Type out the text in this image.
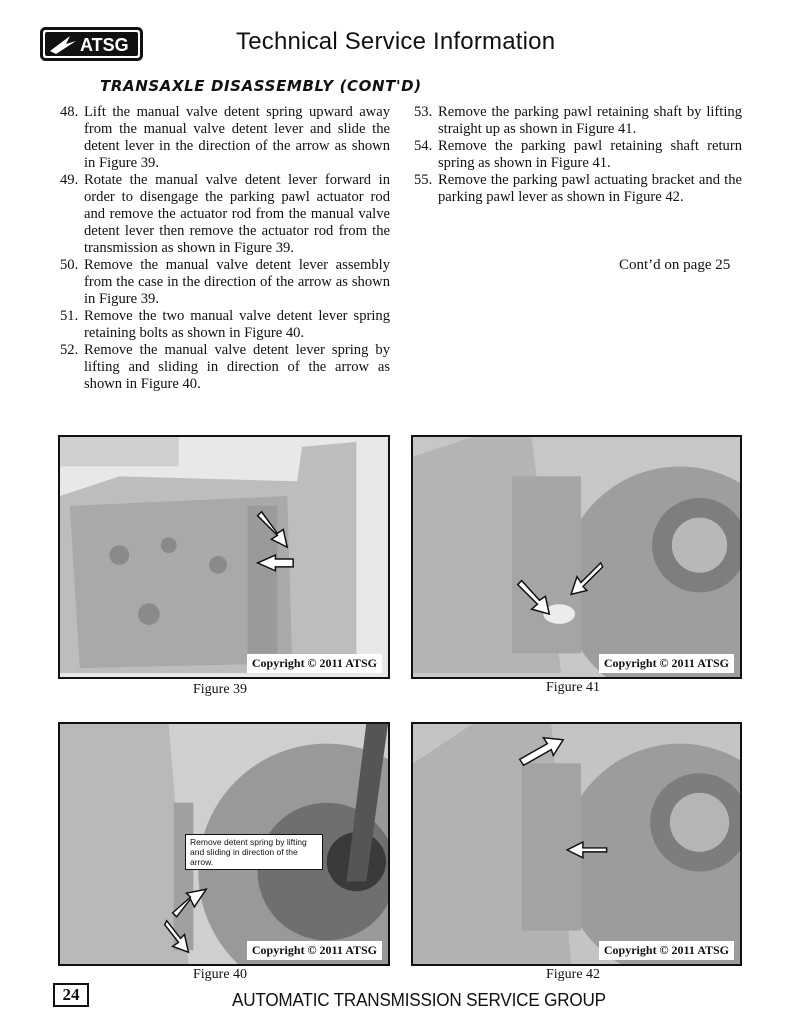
ATSG	Technical Service Information
TRANSAXLE DISASSEMBLY (CONT'D)
48. Lift the manual valve detent spring upward away from the manual valve detent lever and slide the detent lever in the direction of the arrow as shown in Figure 39.
49. Rotate the manual valve detent lever forward in order to disengage the parking pawl actuator rod and remove the actuator rod from the manual valve detent lever then remove the actuator rod from the transmission as shown in Figure 39.
50. Remove the manual valve detent lever assembly from the case in the direction of the arrow as shown in Figure 39.
51. Remove the two manual valve detent lever spring retaining bolts as shown in Figure 40.
52. Remove the manual valve detent lever spring by lifting and sliding in direction of the arrow as shown in Figure 40.
53. Remove the parking pawl retaining shaft by lifting straight up as shown in Figure 41.
54. Remove the parking pawl retaining shaft return spring as shown in Figure 41.
55. Remove the parking pawl actuating bracket and the parking pawl lever as shown in Figure 42.
Cont’d on page 25
Copyright © 2011 ATSG
Figure 39
Copyright © 2011 ATSG
Figure 41
Remove detent spring by lifting and sliding in direction of the arrow.
Copyright © 2011 ATSG
Figure 40
Copyright © 2011 ATSG
Figure 42
24	AUTOMATIC TRANSMISSION SERVICE GROUP
